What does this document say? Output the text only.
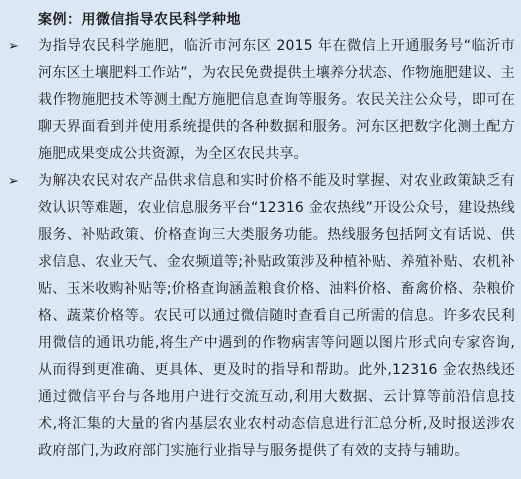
案例：用微信指导农民科学种地
➢	为指导农民科学施肥，临沂市河东区 2015 年在微信上开通服务号“临沂市河东区土壤肥料工作站”，为农民免费提供土壤养分状态、作物施肥建议、主栽作物施肥技术等测土配方施肥信息查询等服务。农民关注公众号，即可在聊天界面看到并使用系统提供的各种数据和服务。河东区把数字化测土配方施肥成果变成公共资源，为全区农民共享。

➢	为解决农民对农产品供求信息和实时价格不能及时掌握、对农业政策缺乏有效认识等难题，农业信息服务平台“12316 金农热线”开设公众号，建设热线服务、补贴政策、价格查询三大类服务功能。热线服务包括阿文有话说、供求信息、农业天气、金农频道等;补贴政策涉及种植补贴、养殖补贴、农机补贴、玉米收购补贴等;价格查询涵盖粮食价格、油料价格、畜禽价格、杂粮价格、蔬菜价格等。农民可以通过微信随时查看自己所需的信息。许多农民利用微信的通讯功能,将生产中遇到的作物病害等问题以图片形式向专家咨询,从而得到更准确、更具体、更及时的指导和帮助。此外,12316 金农热线还通过微信平台与各地用户进行交流互动,利用大数据、云计算等前沿信息技术,将汇集的大量的省内基层农业农村动态信息进行汇总分析,及时报送涉农政府部门,为政府部门实施行业指导与服务提供了有效的支持与辅助。
